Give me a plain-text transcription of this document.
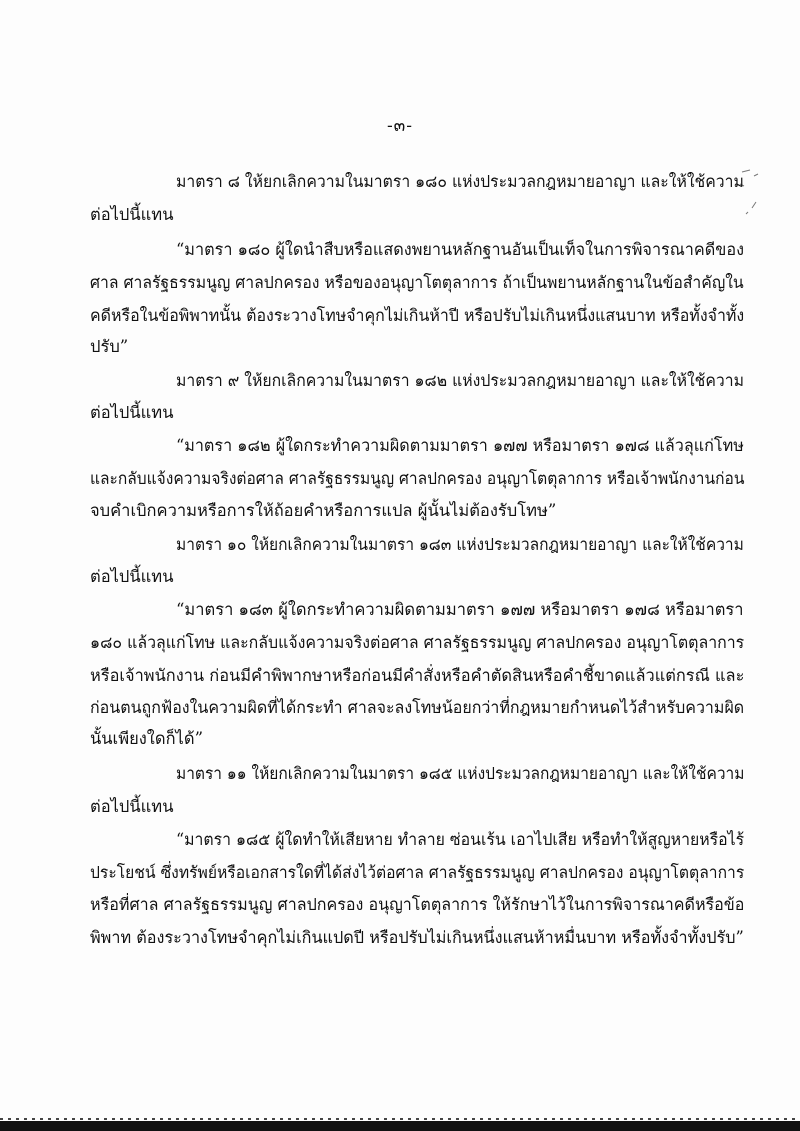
-๓-
มาตรา ๘ ให้ยกเลิกความในมาตรา ๑๘๐ แห่งประมวลกฎหมายอาญา และให้ใช้ความ
ต่อไปนี้แทน
“มาตรา ๑๘๐ ผู้ใดนำสืบหรือแสดงพยานหลักฐานอันเป็นเท็จในการพิจารณาคดีของ
ศาล ศาลรัฐธรรมนูญ ศาลปกครอง หรือของอนุญาโตตุลาการ ถ้าเป็นพยานหลักฐานในข้อสำคัญใน
คดีหรือในข้อพิพาทนั้น ต้องระวางโทษจำคุกไม่เกินห้าปี หรือปรับไม่เกินหนึ่งแสนบาท หรือทั้งจำทั้ง
ปรับ”
มาตรา ๙ ให้ยกเลิกความในมาตรา ๑๘๒ แห่งประมวลกฎหมายอาญา และให้ใช้ความ
ต่อไปนี้แทน
“มาตรา ๑๘๒ ผู้ใดกระทำความผิดตามมาตรา ๑๗๗ หรือมาตรา ๑๗๘ แล้วลุแก่โทษ
และกลับแจ้งความจริงต่อศาล ศาลรัฐธรรมนูญ ศาลปกครอง อนุญาโตตุลาการ หรือเจ้าพนักงานก่อน
จบคำเบิกความหรือการให้ถ้อยคำหรือการแปล ผู้นั้นไม่ต้องรับโทษ”
มาตรา ๑๐ ให้ยกเลิกความในมาตรา ๑๘๓ แห่งประมวลกฎหมายอาญา และให้ใช้ความ
ต่อไปนี้แทน
“มาตรา ๑๘๓ ผู้ใดกระทำความผิดตามมาตรา ๑๗๗ หรือมาตรา ๑๗๘ หรือมาตรา
๑๘๐ แล้วลุแก่โทษ และกลับแจ้งความจริงต่อศาล ศาลรัฐธรรมนูญ ศาลปกครอง อนุญาโตตุลาการ
หรือเจ้าพนักงาน ก่อนมีคำพิพากษาหรือก่อนมีคำสั่งหรือคำตัดสินหรือคำชี้ขาดแล้วแต่กรณี และ
ก่อนตนถูกฟ้องในความผิดที่ได้กระทำ ศาลจะลงโทษน้อยกว่าที่กฎหมายกำหนดไว้สำหรับความผิด
นั้นเพียงใดก็ได้”
มาตรา ๑๑ ให้ยกเลิกความในมาตรา ๑๘๕ แห่งประมวลกฎหมายอาญา และให้ใช้ความ
ต่อไปนี้แทน
“มาตรา ๑๘๕ ผู้ใดทำให้เสียหาย ทำลาย ซ่อนเร้น เอาไปเสีย หรือทำให้สูญหายหรือไร้
ประโยชน์ ซึ่งทรัพย์หรือเอกสารใดที่ได้ส่งไว้ต่อศาล ศาลรัฐธรรมนูญ ศาลปกครอง อนุญาโตตุลาการ
หรือที่ศาล ศาลรัฐธรรมนูญ ศาลปกครอง อนุญาโตตุลาการ ให้รักษาไว้ในการพิจารณาคดีหรือข้อ
พิพาท ต้องระวางโทษจำคุกไม่เกินแปดปี หรือปรับไม่เกินหนึ่งแสนห้าหมื่นบาท หรือทั้งจำทั้งปรับ”
